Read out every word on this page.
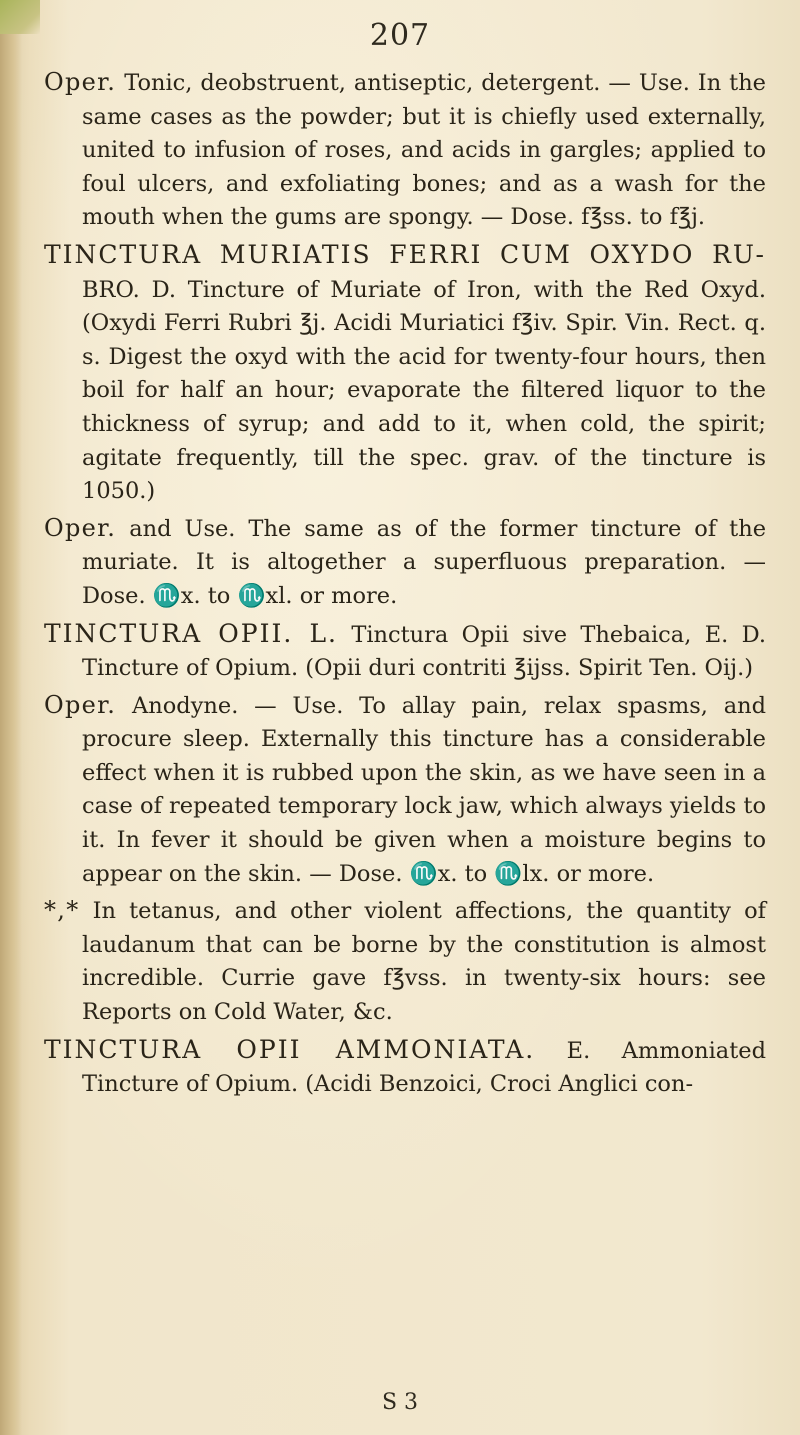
207

Oper. Tonic, deobstruent, antiseptic, detergent. — Use. In the same cases as the powder; but it is chiefly used externally, united to infusion of roses, and acids in gargles; applied to foul ulcers, and exfoliating bones; and as a wash for the mouth when the gums are spongy. — Dose. f℥ss. to f℥j.

TINCTURA MURIATIS FERRI CUM OXYDO RU- BRO. D. Tincture of Muriate of Iron, with the Red Oxyd. (Oxydi Ferri Rubri ℥j. Acidi Muriatici f℥iv. Spir. Vin. Rect. q. s. Digest the oxyd with the acid for twenty-four hours, then boil for half an hour; evaporate the filtered liquor to the thickness of syrup; and add to it, when cold, the spirit; agitate frequently, till the spec. grav. of the tincture is 1050.)

Oper. and Use. The same as of the former tincture of the muriate. It is altogether a superfluous preparation. — Dose. ♏x. to ♏xl. or more.

TINCTURA OPII. L. Tinctura Opii sive Thebaica, E. D. Tincture of Opium. (Opii duri contriti ℥ijss. Spirit Ten. Oij.)

Oper. Anodyne. — Use. To allay pain, relax spasms, and procure sleep. Externally this tincture has a considerable effect when it is rubbed upon the skin, as we have seen in a case of repeated temporary lock jaw, which always yields to it. In fever it should be given when a moisture begins to appear on the skin. — Dose. ♏x. to ♏lx. or more.

*,* In tetanus, and other violent affections, the quantity of laudanum that can be borne by the constitution is almost incredible. Currie gave f℥vss. in twenty-six hours: see Reports on Cold Water, &c.

TINCTURA OPII AMMONIATA. E. Ammoniated Tincture of Opium. (Acidi Benzoici, Croci Anglici con-

S 3
